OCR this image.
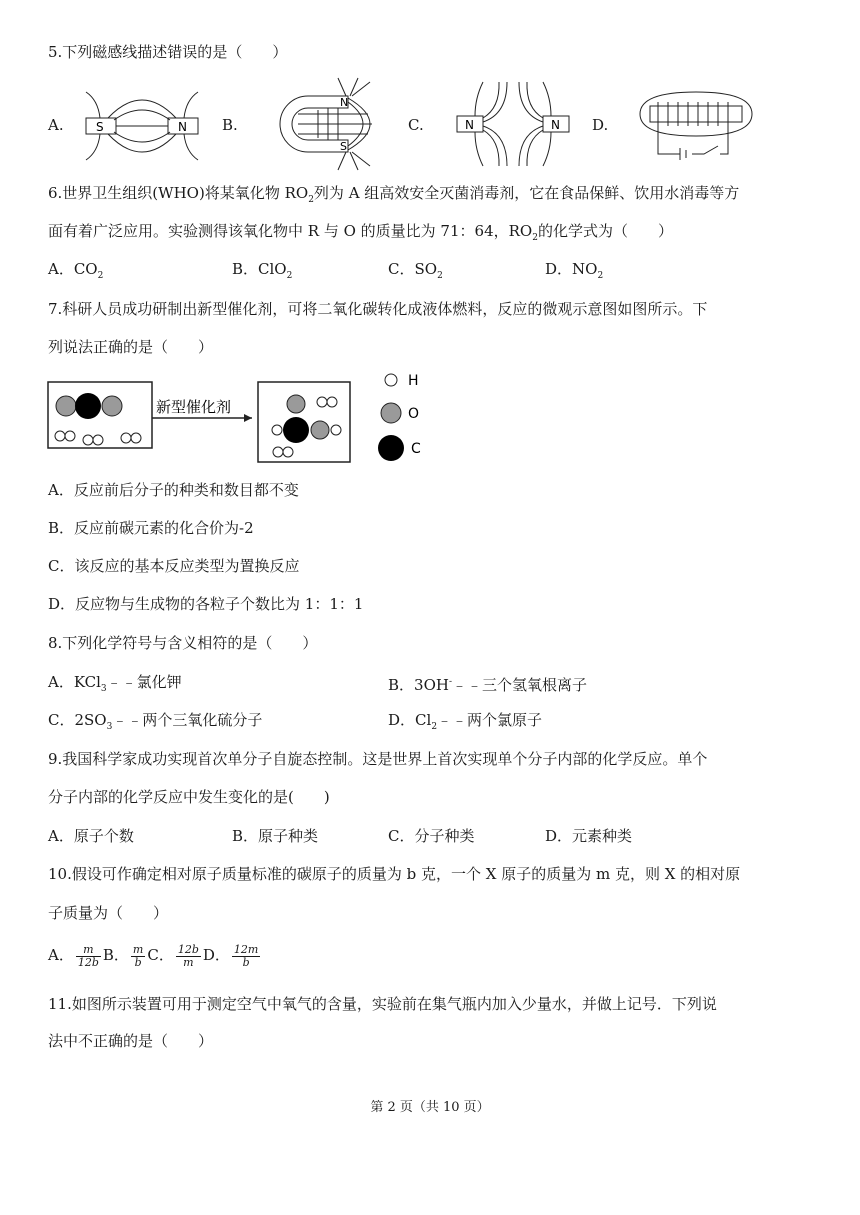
5.下列磁感线描述错误的是（　　）
A.	B.	C.	D.
S	N
N
S
N	N
6.世界卫生组织(WHO)将某氧化物 $RO_2$列为 A 组高效安全灭菌消毒剂，它在食品保鲜、饮用水消毒等方
面有着广泛应用。实验测得该氧化物中 R 与 O 的质量比为 71：64，$RO_2$的化学式为（　　）
A．$CO_2$	B．ClO$_2$	C．$SO_2$	D．$NO_2$
7.科研人员成功研制出新型催化剂，可将二氧化碳转化成液体燃料，反应的微观示意图如图所示。下
列说法正确的是（　　）
新型催化剂
H
O
C
A．反应前后分子的种类和数目都不变
B．反应前碳元素的化合价为-2
C．该反应的基本反应类型为置换反应
D．反应物与生成物的各粒子个数比为 1：1：1
8.下列化学符号与含义相符的是（　　）
A．KCl$_3$﹣﹣氯化钾	B．3OH-﹣﹣三个氢氧根离子
C．$2SO_3﹣﹣$两个三氧化硫分子	D．$Cl_2﹣﹣$两个氯原子
9.我国科学家成功实现首次单分子自旋态控制。这是世界上首次实现单个分子内部的化学反应。单个
分子内部的化学反应中发生变化的是(　　)
A．原子个数	B．原子种类	C．分子种类	D．元素种类
10.假设可作确定相对原子质量标准的碳原子的质量为 b 克，一个 X 原子的质量为 m 克，则 X 的相对原
子质量为（　　）
A． $\frac{m}{12b}$ B． $\frac{m}{b}$ C． $\frac{12b}{m}$ D． $\frac{12m}{b}$
11.如图所示装置可用于测定空气中氧气的含量，实验前在集气瓶内加入少量水，并做上记号．下列说
法中不正确的是（　　）
第 2 页（共 10 页）
